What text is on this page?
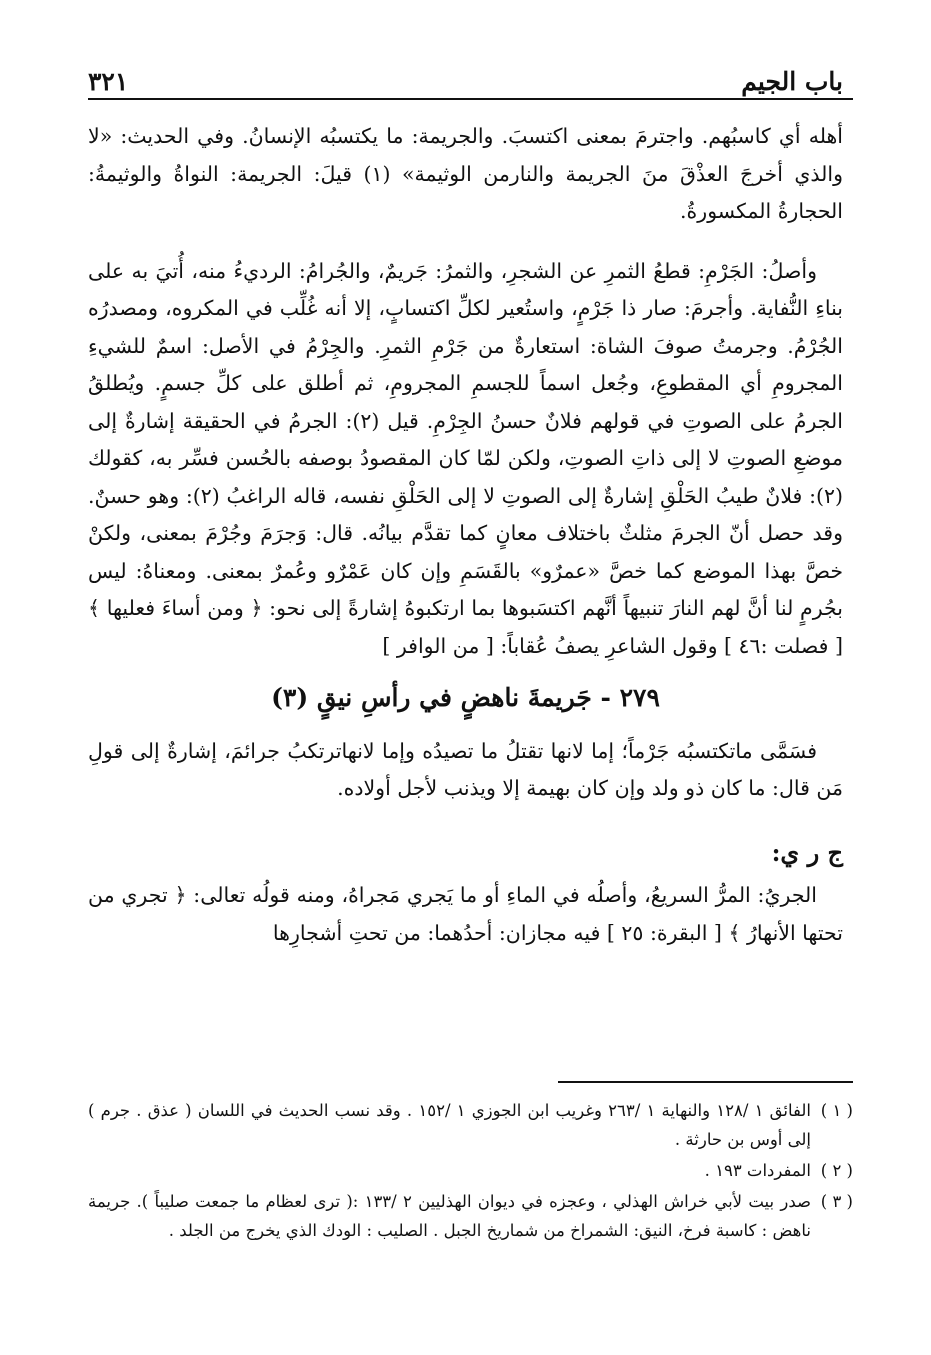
باب الجيم
٣٢١

أهله أي كاسبُهم. واجترمَ بمعنى اكتسبَ. والجريمة: ما يكتسبُه الإنسانُ. وفي الحديث: «لا والذي أخرجَ العذْقَ منَ الجريمة والنارمن الوثيمة» (١) قيلَ: الجريمة: النواةُ والوثيمةُ: الحجارةُ المكسورةُ.

وأصلُ: الجَرْمِ: قطعُ الثمرِ عن الشجرِ، والثمرُ: جَريمٌ، والجُرامُ: الرديءُ منه، أُتيَ به على بناءِ النُّفاية. وأجرمَ: صار ذا جَرْمٍ، واستُعير لكلِّ اكتسابٍ، إلا أنه غُلِّب في المكروه، ومصدرُه الجُرْمُ. وجرمتُ صوفَ الشاة: استعارةٌ من جَرْمِ الثمرِ. والجِرْمُ في الأصل: اسمٌ للشيءِ المجرومِ أي المقطوعِ، وجُعل اسماً للجسمِ المجرومِ، ثم أطلق على كلِّ جسمٍ. ويُطلقُ الجرمُ على الصوتِ في قولهم فلانٌ حسنُ الجِرْمِ. قيل (٢): الجرمُ في الحقيقة إشارةٌ إلى موضعِ الصوتِ لا إلى ذاتِ الصوتِ، ولكن لمّا كان المقصودُ بوصفه بالحُسن فسِّر به، كقولك (٢): فلانٌ طيبُ الحَلْقِ إشارةٌ إلى الصوتِ لا إلى الحَلْقِ نفسه، قاله الراغبُ (٢): وهو حسنٌ. وقد حصل أنّ الجرمَ مثلثٌ باختلاف معانٍ كما تقدَّم بيانُه. قال: وَجرَمَ وجُرْمَ بمعنى، ولكنْ خصَّ بهذا الموضع كما خصَّ «عمرٌو» بالقَسَمِ وإن كان عَمْرٌو وعُمرٌ بمعنى. ومعناهُ: ليس بجُرمٍ لنا أنَّ لهم النارَ تنبيهاً أنَّهم اكتسَبوها بما ارتكبوهُ إشارةً إلى نحو: ﴿ ومن أساءَ فعليها ﴾ [ فصلت :٤٦ ] وقول الشاعرِ يصفُ عُقاباً: [ من الوافر ]

٢٧٩ - جَريمةَ ناهضٍ في رأسِ نيقٍ (٣)

فسَمَّى ماتكتسبُه جَرْماً؛ إما لانها تقتلُ ما تصيدُه وإما لانهاترتكبُ جرائمَ، إشارةٌ إلى قولِ مَن قال: ما كان ذو ولد وإن كان بهيمة إلا ويذنب لأجل أولاده.

ج ر ي:

الجريُ: المرُّ السريعُ، وأصلُه في الماءِ أو ما يَجري مَجراهُ، ومنه قولُه تعالى: ﴿ تجري من تحتها الأنهارُ ﴾ [ البقرة: ٢٥ ] فيه مجازان: أحدُهما: من تحتِ أشجارِها

( ١ )
الفائق ١ /١٢٨ والنهاية ١ /٢٦٣ وغريب ابن الجوزي ١ /١٥٢ . وقد نسب الحديث في اللسان ( عذق . جرم ) إلى أوس بن حارثة .
( ٢ )
المفردات ١٩٣ .
( ٣ )
صدر بيت لأبي خراش الهذلي ، وعجزه في ديوان الهذليين ٢ /١٣٣ :( ترى لعظام ما جمعت صليباً ). جريمة ناهض : كاسبة فرخ، النيق: الشمراخ من شماريخ الجبل . الصليب : الودك الذي يخرج من الجلد .
